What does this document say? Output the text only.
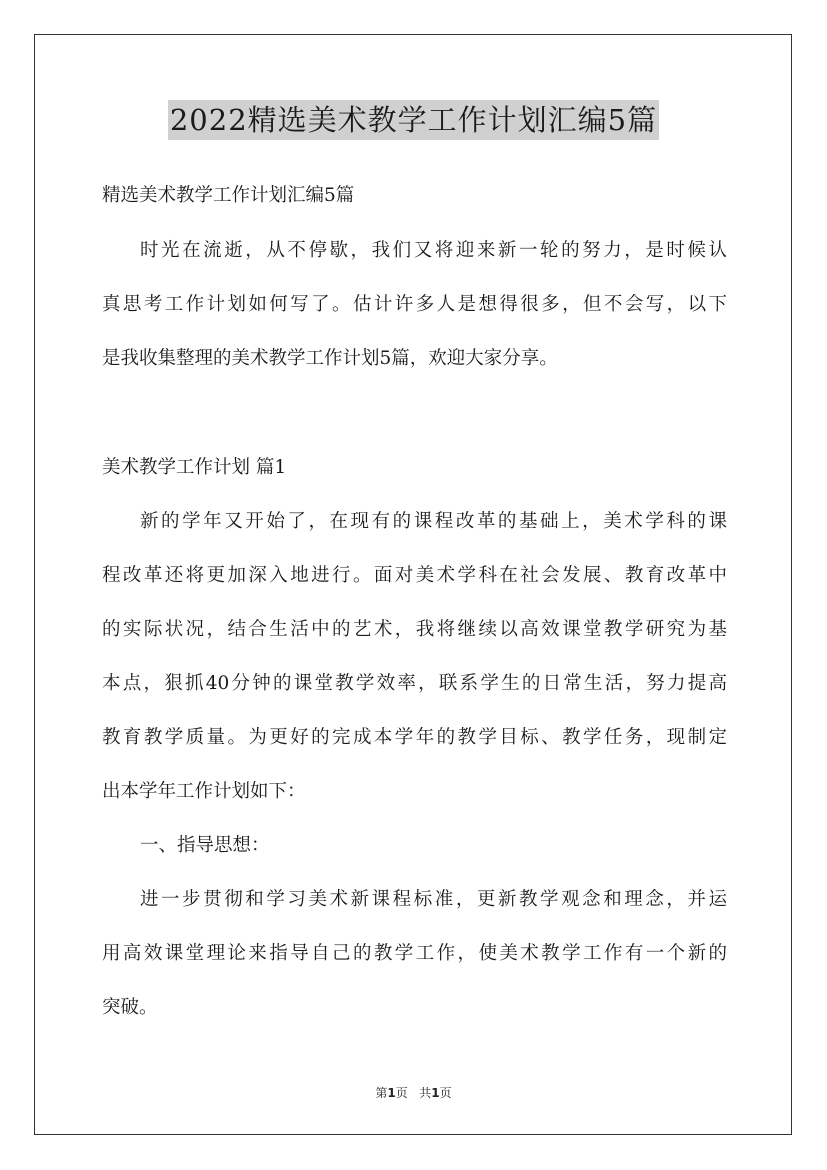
2022精选美术教学工作计划汇编5篇
精选美术教学工作计划汇编5篇
时光在流逝，从不停歇，我们又将迎来新一轮的努力，是时候认
真思考工作计划如何写了。估计许多人是想得很多，但不会写，以下
是我收集整理的美术教学工作计划5篇，欢迎大家分享。
美术教学工作计划 篇1
新的学年又开始了，在现有的课程改革的基础上，美术学科的课
程改革还将更加深入地进行。面对美术学科在社会发展、教育改革中
的实际状况，结合生活中的艺术，我将继续以高效课堂教学研究为基
本点，狠抓40分钟的课堂教学效率，联系学生的日常生活，努力提高
教育教学质量。为更好的完成本学年的教学目标、教学任务，现制定
出本学年工作计划如下：
一、指导思想：
进一步贯彻和学习美术新课程标准，更新教学观念和理念，并运
用高效课堂理论来指导自己的教学工作，使美术教学工作有一个新的
突破。
第1页 共1页
